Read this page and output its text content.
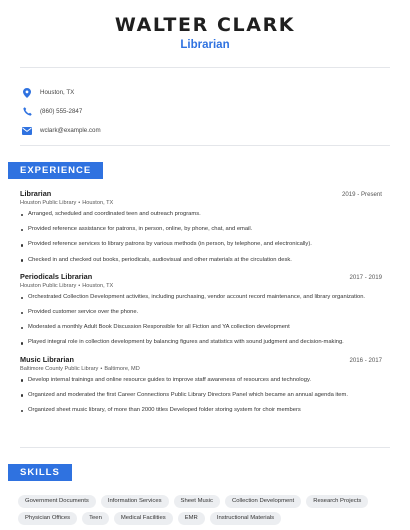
WALTER CLARK
Librarian
Houston, TX
(860) 555-2847
wclark@example.com
EXPERIENCE
Librarian	2019 - Present
Houston Public Library • Houston, TX
Arranged, scheduled and coordinated teen and outreach programs.
Provided reference assistance for patrons, in person, online, by phone, chat, and email.
Provided reference services to library patrons by various methods (in person, by telephone, and electronically).
Checked in and checked out books, periodicals, audiovisual and other materials at the circulation desk.
Periodicals Librarian	2017 - 2019
Houston Public Library • Houston, TX
Orchestrated Collection Development activities, including purchasing, vendor account record maintenance, and library organization.
Provided customer service over the phone.
Moderated a monthly Adult Book Discussion Responsible for all Fiction and YA collection development
Played integral role in collection development by balancing figures and statistics with sound judgment and decision-making.
Music Librarian	2016 - 2017
Baltimore County Public Library • Baltimore, MD
Develop internal trainings and online resource guides to improve staff awareness of resources and technology.
Organized and moderated the first Career Connections Public Library Directors Panel which became an annual agenda item.
Organized sheet music library, of more than 2000 titles Developed folder storing system for choir members
SKILLS
Government Documents	Information Services	Sheet Music	Collection Development	Research Projects
Physician Offices	Teen	Medical Facilities	EMR	Instructional Materials
